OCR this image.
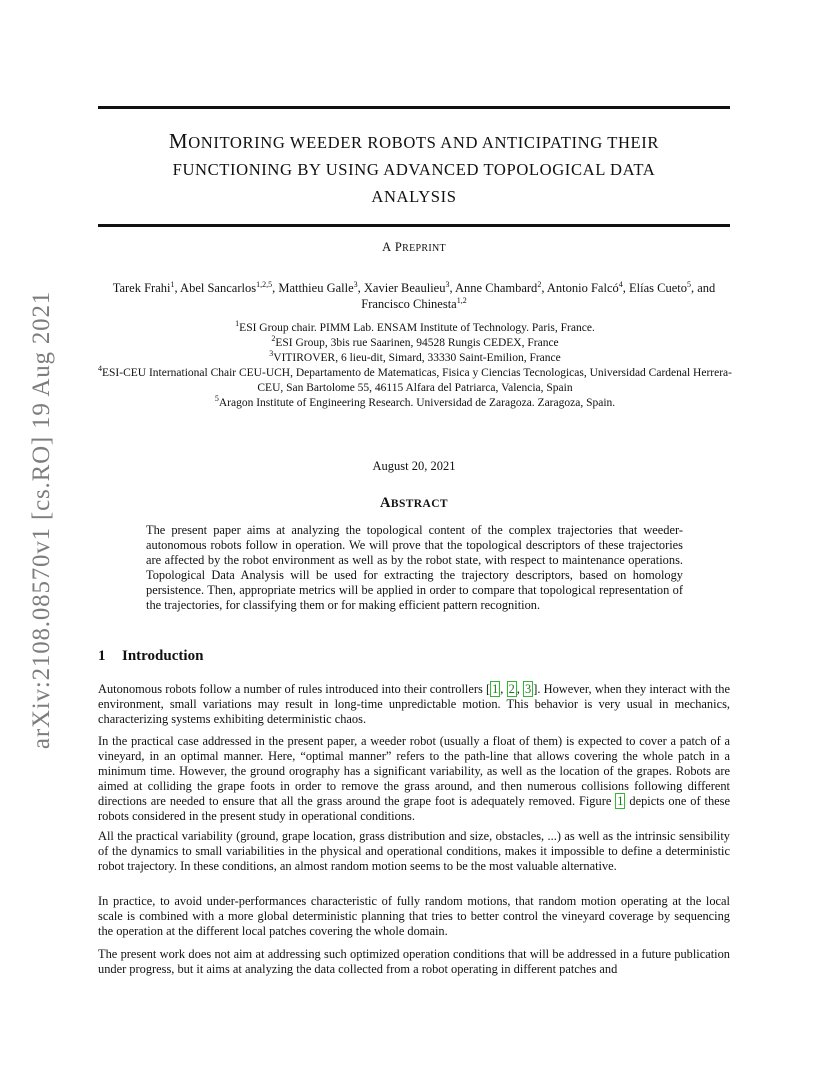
arXiv:2108.08570v1 [cs.RO] 19 Aug 2021
MONITORING WEEDER ROBOTS AND ANTICIPATING THEIR
FUNCTIONING BY USING ADVANCED TOPOLOGICAL DATA
ANALYSIS
A PREPRINT
Tarek Frahi$^1$, Abel Sancarlos$^{1,2,5}$, Matthieu Galle$^3$, Xavier Beaulieu$^3$, Anne Chambard$^2$, Antonio Falcó$^4$, Elías Cueto$^5$, and Francisco Chinesta$^{1,2}$
$^1$ESI Group chair. PIMM Lab. ENSAM Institute of Technology. Paris, France.
$^2$ESI Group, 3bis rue Saarinen, 94528 Rungis CEDEX, France
$^3$VITIROVER, 6 lieu-dit, Simard, 33330 Saint-Emilion, France
$^4$ESI-CEU International Chair CEU-UCH, Departamento de Matematicas, Fisica y Ciencias Tecnologicas, Universidad Cardenal Herrera-CEU, San Bartolome 55, 46115 Alfara del Patriarca, Valencia, Spain
$^5$Aragon Institute of Engineering Research. Universidad de Zaragoza. Zaragoza, Spain.
August 20, 2021
ABSTRACT
The present paper aims at analyzing the topological content of the complex trajectories that weeder-autonomous robots follow in operation. We will prove that the topological descriptors of these trajectories are affected by the robot environment as well as by the robot state, with respect to maintenance operations. Topological Data Analysis will be used for extracting the trajectory descriptors, based on homology persistence. Then, appropriate metrics will be applied in order to compare that topological representation of the trajectories, for classifying them or for making efficient pattern recognition.
1 Introduction

Autonomous robots follow a number of rules introduced into their controllers [ 1 , 2 , 3 ]. However, when they interact with the environment, small variations may result in long-time unpredictable motion. This behavior is very usual in mechanics, characterizing systems exhibiting deterministic chaos.

In the practical case addressed in the present paper, a weeder robot (usually a float of them) is expected to cover a patch of a vineyard, in an optimal manner. Here, “optimal manner” refers to the path-line that allows covering the whole patch in a minimum time. However, the ground orography has a significant variability, as well as the location of the grapes. Robots are aimed at colliding the grape foots in order to remove the grass around, and then numerous collisions following different directions are needed to ensure that all the grass around the grape foot is adequately removed. Figure 1 depicts one of these robots considered in the present study in operational conditions.

All the practical variability (ground, grape location, grass distribution and size, obstacles, ...) as well as the intrinsic sensibility of the dynamics to small variabilities in the physical and operational conditions, makes it impossible to define a deterministic robot trajectory. In these conditions, an almost random motion seems to be the most valuable alternative.

In practice, to avoid under-performances characteristic of fully random motions, that random motion operating at the local scale is combined with a more global deterministic planning that tries to better control the vineyard coverage by sequencing the operation at the different local patches covering the whole domain.

The present work does not aim at addressing such optimized operation conditions that will be addressed in a future publication under progress, but it aims at analyzing the data collected from a robot operating in different patches and
